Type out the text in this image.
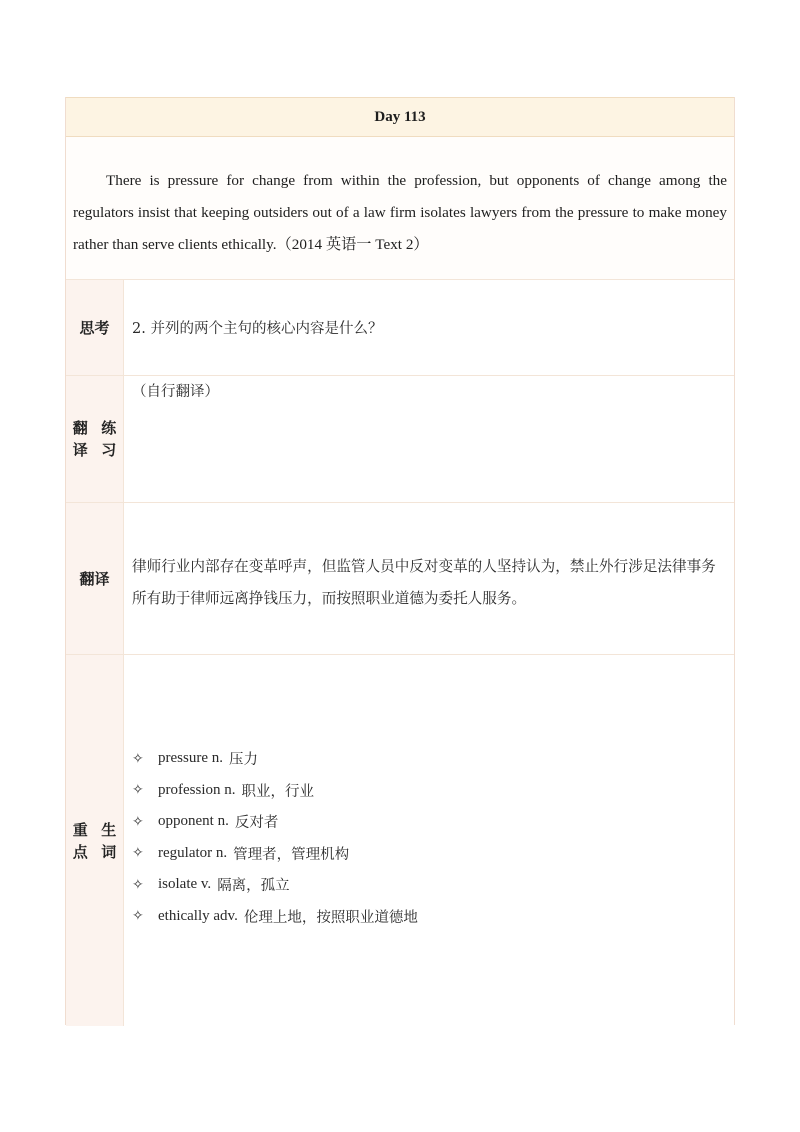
Day 113
There is pressure for change from within the profession, but opponents of change among the regulators insist that keeping outsiders out of a law firm isolates lawyers from the pressure to make money rather than serve clients ethically.（2014 英语一 Text 2）
思考	2. 并列的两个主句的核心内容是什么？
翻译

练习
（自行翻译）
翻译
律师行业内部存在变革呼声，但监管人员中反对变革的人坚持认为，禁止外行涉足法律事务所有助于律师远离挣钱压力，而按照职业道德为委托人服务。
重点

生词
✧ pressure n. 压力
✧ profession n. 职业，行业
✧ opponent n. 反对者
✧ regulator n. 管理者，管理机构
✧ isolate v. 隔离，孤立
✧ ethically adv. 伦理上地，按照职业道德地
